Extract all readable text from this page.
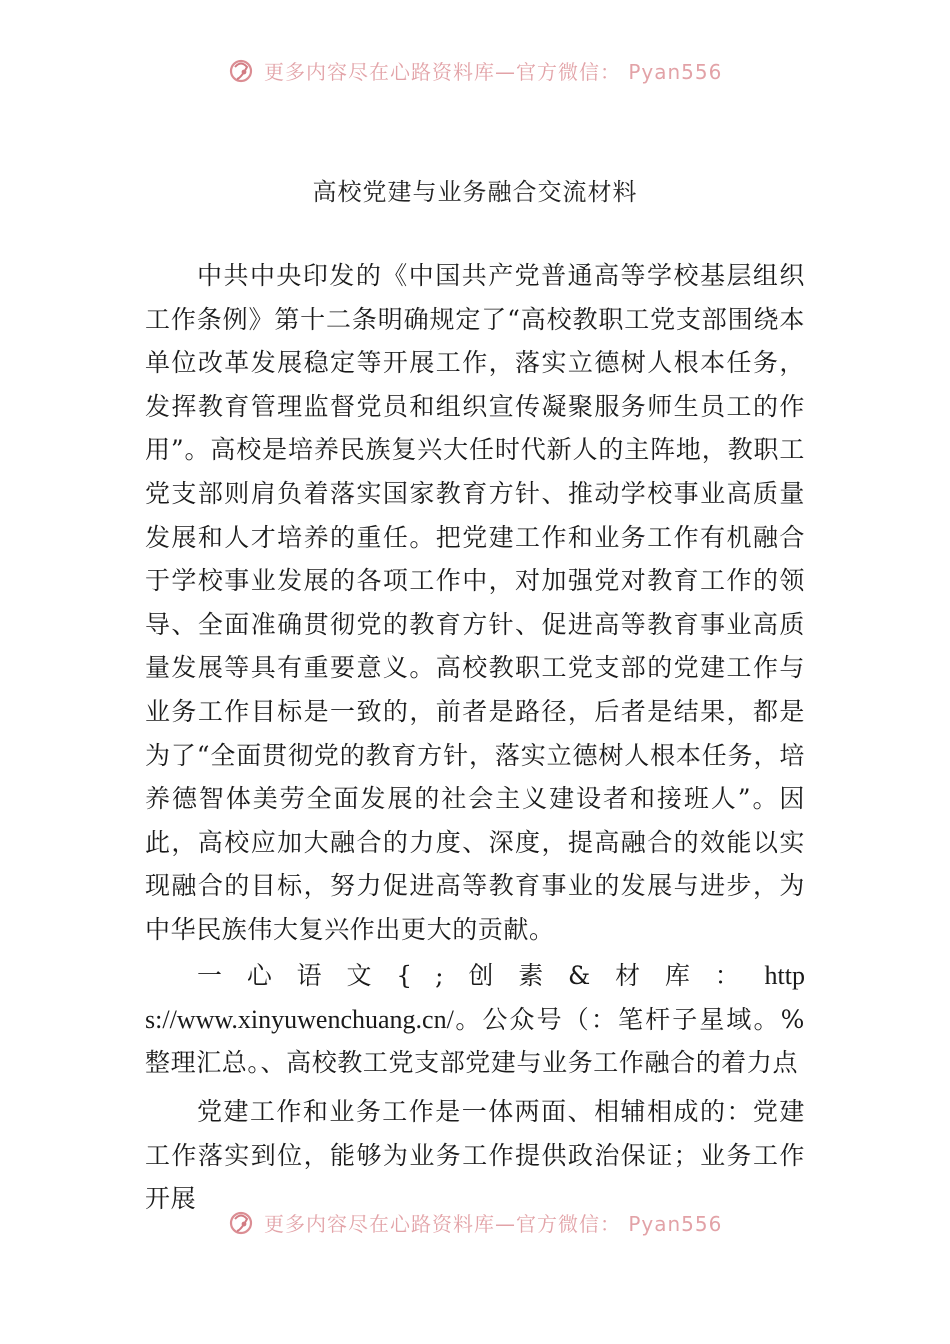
更多内容尽在心路资料库—官方微信： Pyan556
高校党建与业务融合交流材料
中共中央印发的《中国共产党普通高等学校基层组织工作条例》第十二条明确规定了“高校教职工党支部围绕本单位改革发展稳定等开展工作，落实立德树人根本任务，发挥教育管理监督党员和组织宣传凝聚服务师生员工的作用”。高校是培养民族复兴大任时代新人的主阵地，教职工党支部则肩负着落实国家教育方针、推动学校事业高质量发展和人才培养的重任。把党建工作和业务工作有机融合于学校事业发展的各项工作中，对加强党对教育工作的领导、全面准确贯彻党的教育方针、促进高等教育事业高质量发展等具有重要意义。高校教职工党支部的党建工作与业务工作目标是一致的，前者是路径，后者是结果，都是为了“全面贯彻党的教育方针，落实立德树人根本任务，培养德智体美劳全面发展的社会主义建设者和接班人”。因此，高校应加大融合的力度、深度，提高融合的效能以实现融合的目标，努力促进高等教育事业的发展与进步，为中华民族伟大复兴作出更大的贡献。
一心语文{;创素&材库：https://www.xinyuwenchuang.cn/。公众号（：笔杆子星域。%整理汇总。、高校教工党支部党建与业务工作融合的着力点
党建工作和业务工作是一体两面、相辅相成的：党建工作落实到位，能够为业务工作提供政治保证；业务工作开展
更多内容尽在心路资料库—官方微信： Pyan556
